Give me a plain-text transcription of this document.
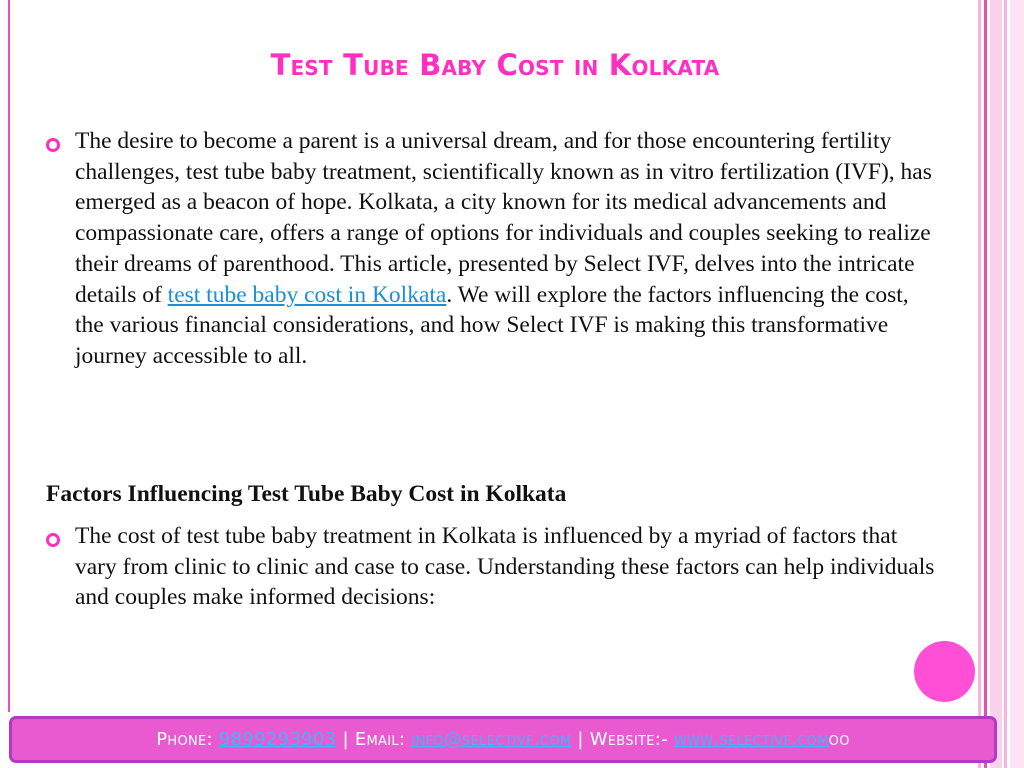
Test Tube Baby Cost in Kolkata
The desire to become a parent is a universal dream, and for those encountering fertility challenges, test tube baby treatment, scientifically known as in vitro fertilization (IVF), has emerged as a beacon of hope. Kolkata, a city known for its medical advancements and compassionate care, offers a range of options for individuals and couples seeking to realize their dreams of parenthood. This article, presented by Select IVF, delves into the intricate details of test tube baby cost in Kolkata. We will explore the factors influencing the cost, the various financial considerations, and how Select IVF is making this transformative journey accessible to all.
Factors Influencing Test Tube Baby Cost in Kolkata
The cost of test tube baby treatment in Kolkata is influenced by a myriad of factors that vary from clinic to clinic and case to case. Understanding these factors can help individuals and couples make informed decisions:
Phone: 9899293903 | Email: info@selectivf.com | Website:- www.selectivf.com oo
